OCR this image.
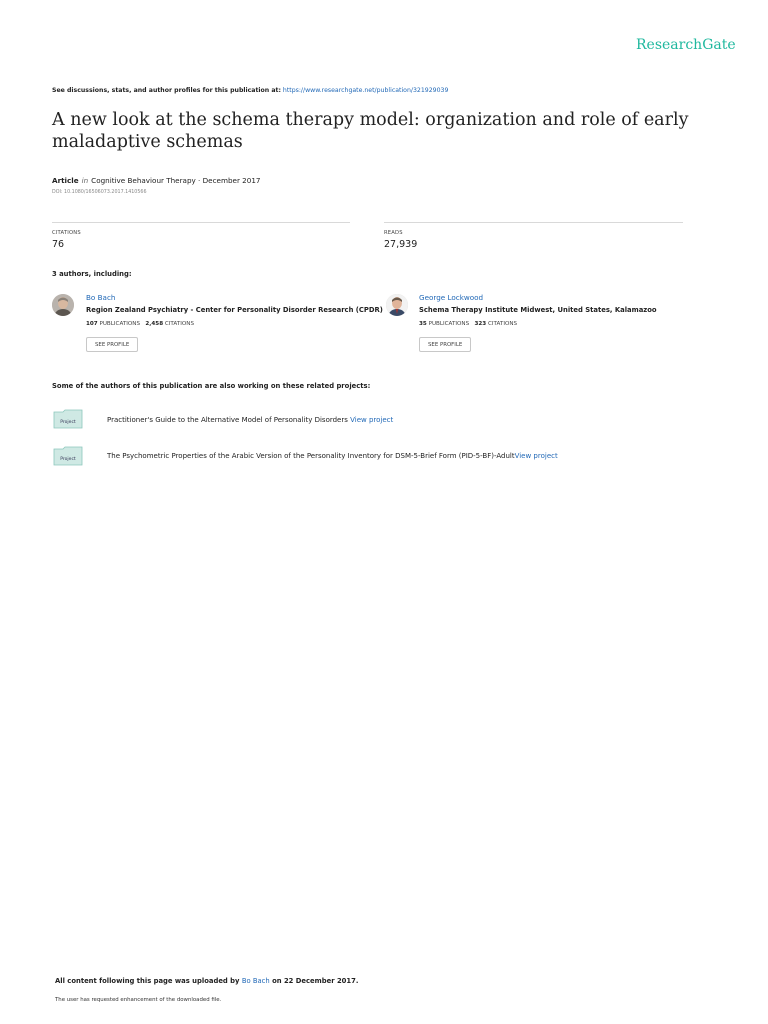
ResearchGate
See discussions, stats, and author profiles for this publication at: https://www.researchgate.net/publication/321929039
A new look at the schema therapy model: organization and role of early maladaptive schemas
Article in Cognitive Behaviour Therapy · December 2017
DOI: 10.1080/16506073.2017.1410566
CITATIONS
76
READS
27,939
3 authors, including:
Bo Bach
Region Zealand Psychiatry - Center for Personality Disorder Research (CPDR)
107 PUBLICATIONS 2,458 CITATIONS
SEE PROFILE
George Lockwood
Schema Therapy Institute Midwest, United States, Kalamazoo
35 PUBLICATIONS 323 CITATIONS
SEE PROFILE
Some of the authors of this publication are also working on these related projects:
Project	Practitioner's Guide to the Alternative Model of Personality Disorders View project
Project	The Psychometric Properties of the Arabic Version of the Personality Inventory for DSM-5-Brief Form (PID-5-BF)-AdultView project
All content following this page was uploaded by Bo Bach on 22 December 2017.
The user has requested enhancement of the downloaded file.
